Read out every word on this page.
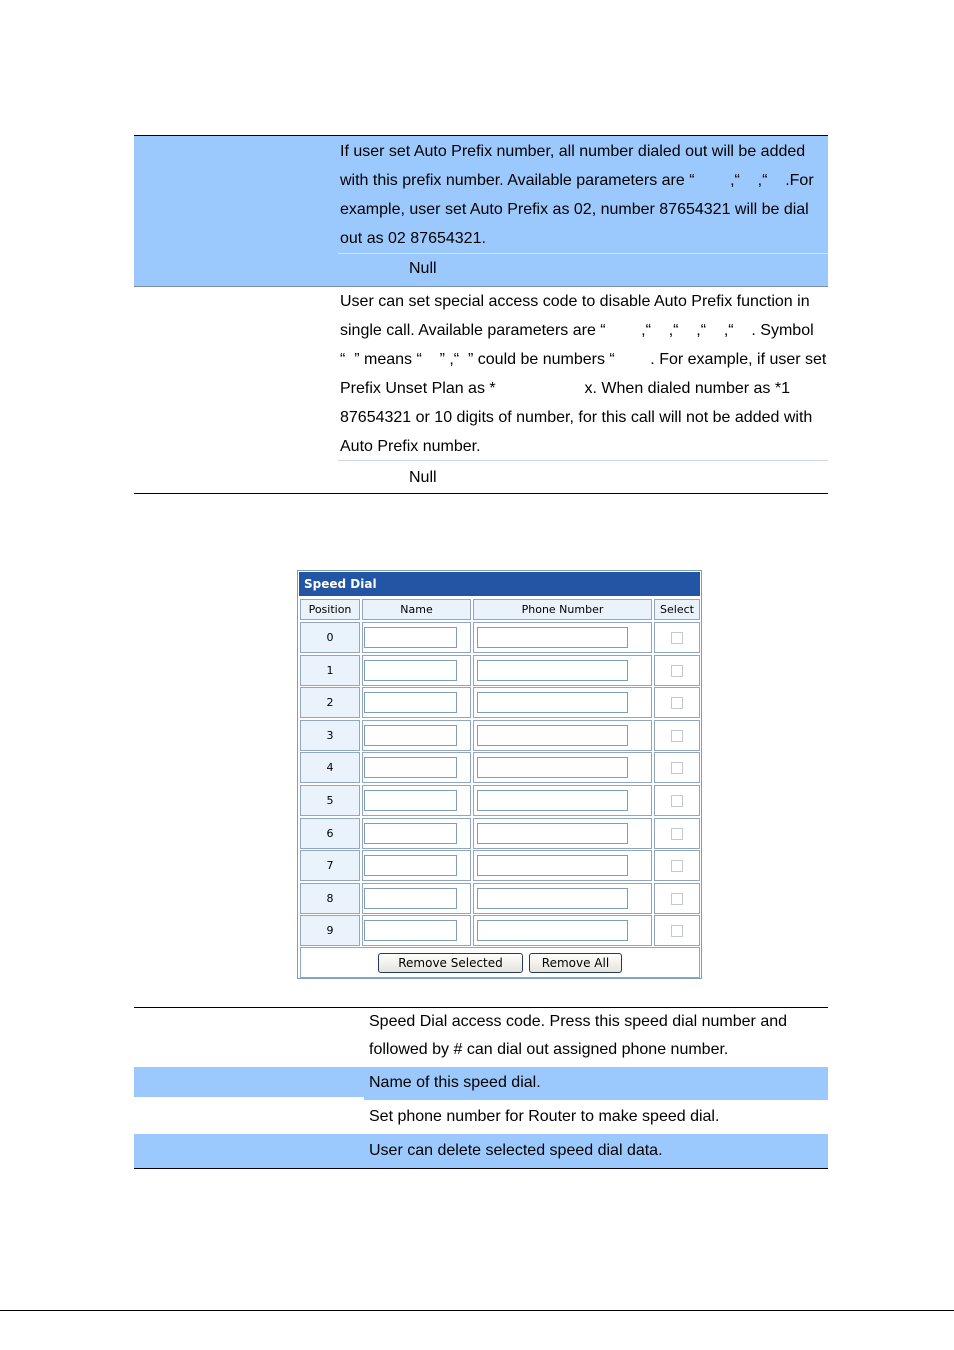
If user set Auto Prefix number, all number dialed out will be added
with this prefix number. Available parameters are “        ,“    ,“    .For
example, user set Auto Prefix as 02, number 87654321 will be dial
out as 02 87654321.
Null
User can set special access code to disable Auto Prefix function in
single call. Available parameters are “        ,“    ,“    ,“    ,“    . Symbol
“  ” means “    ” ,“  ” could be numbers “        . For example, if user set
Prefix Unset Plan as *                    x. When dialed number as *1
87654321 or 10 digits of number, for this call will not be added with
Auto Prefix number.
Null
Speed Dial
Position	Name	Phone Number	Select
0
1
2
3
4
5
6
7
8
9
Remove Selected	Remove All
Speed Dial access code. Press this speed dial number and
followed by # can dial out assigned phone number.
Name of this speed dial.
Set phone number for Router to make speed dial.
User can delete selected speed dial data.
